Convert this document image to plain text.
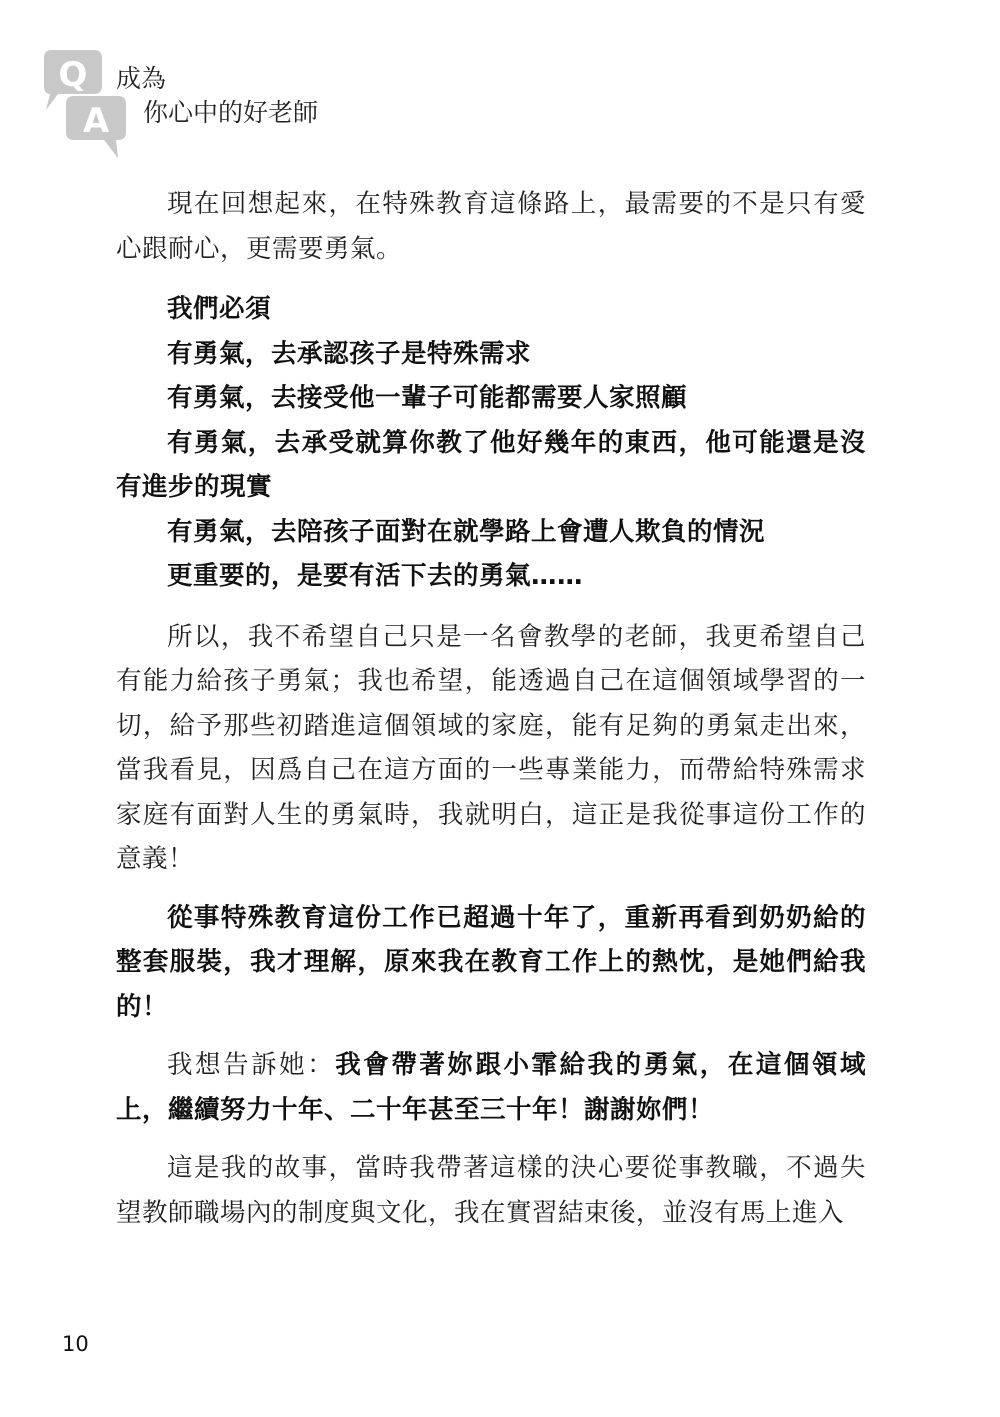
Q
A
成為
你心中的好老師

現在回想起來，在特殊教育這條路上，最需要的不是只有愛心跟耐心，更需要勇氣。

我們必須

有勇氣，去承認孩子是特殊需求

有勇氣，去接受他一輩子可能都需要人家照顧

有勇氣，去承受就算你教了他好幾年的東西，他可能還是沒有進步的現實

有勇氣，去陪孩子面對在就學路上會遭人欺負的情況

更重要的，是要有活下去的勇氣……

所以，我不希望自己只是一名會教學的老師，我更希望自己有能力給孩子勇氣；我也希望，能透過自己在這個領域學習的一切，給予那些初踏進這個領域的家庭，能有足夠的勇氣走出來，當我看見，因爲自己在這方面的一些專業能力，而帶給特殊需求家庭有面對人生的勇氣時，我就明白，這正是我從事這份工作的意義！

從事特殊教育這份工作已超過十年了，重新再看到奶奶給的整套服裝，我才理解，原來我在教育工作上的熱忱，是她們給我的！

我想告訴她：我會帶著妳跟小霏給我的勇氣，在這個領域上，繼續努力十年、二十年甚至三十年！謝謝妳們！

這是我的故事，當時我帶著這樣的決心要從事教職，不過失望教師職場內的制度與文化，我在實習結束後，並沒有馬上進入

10
